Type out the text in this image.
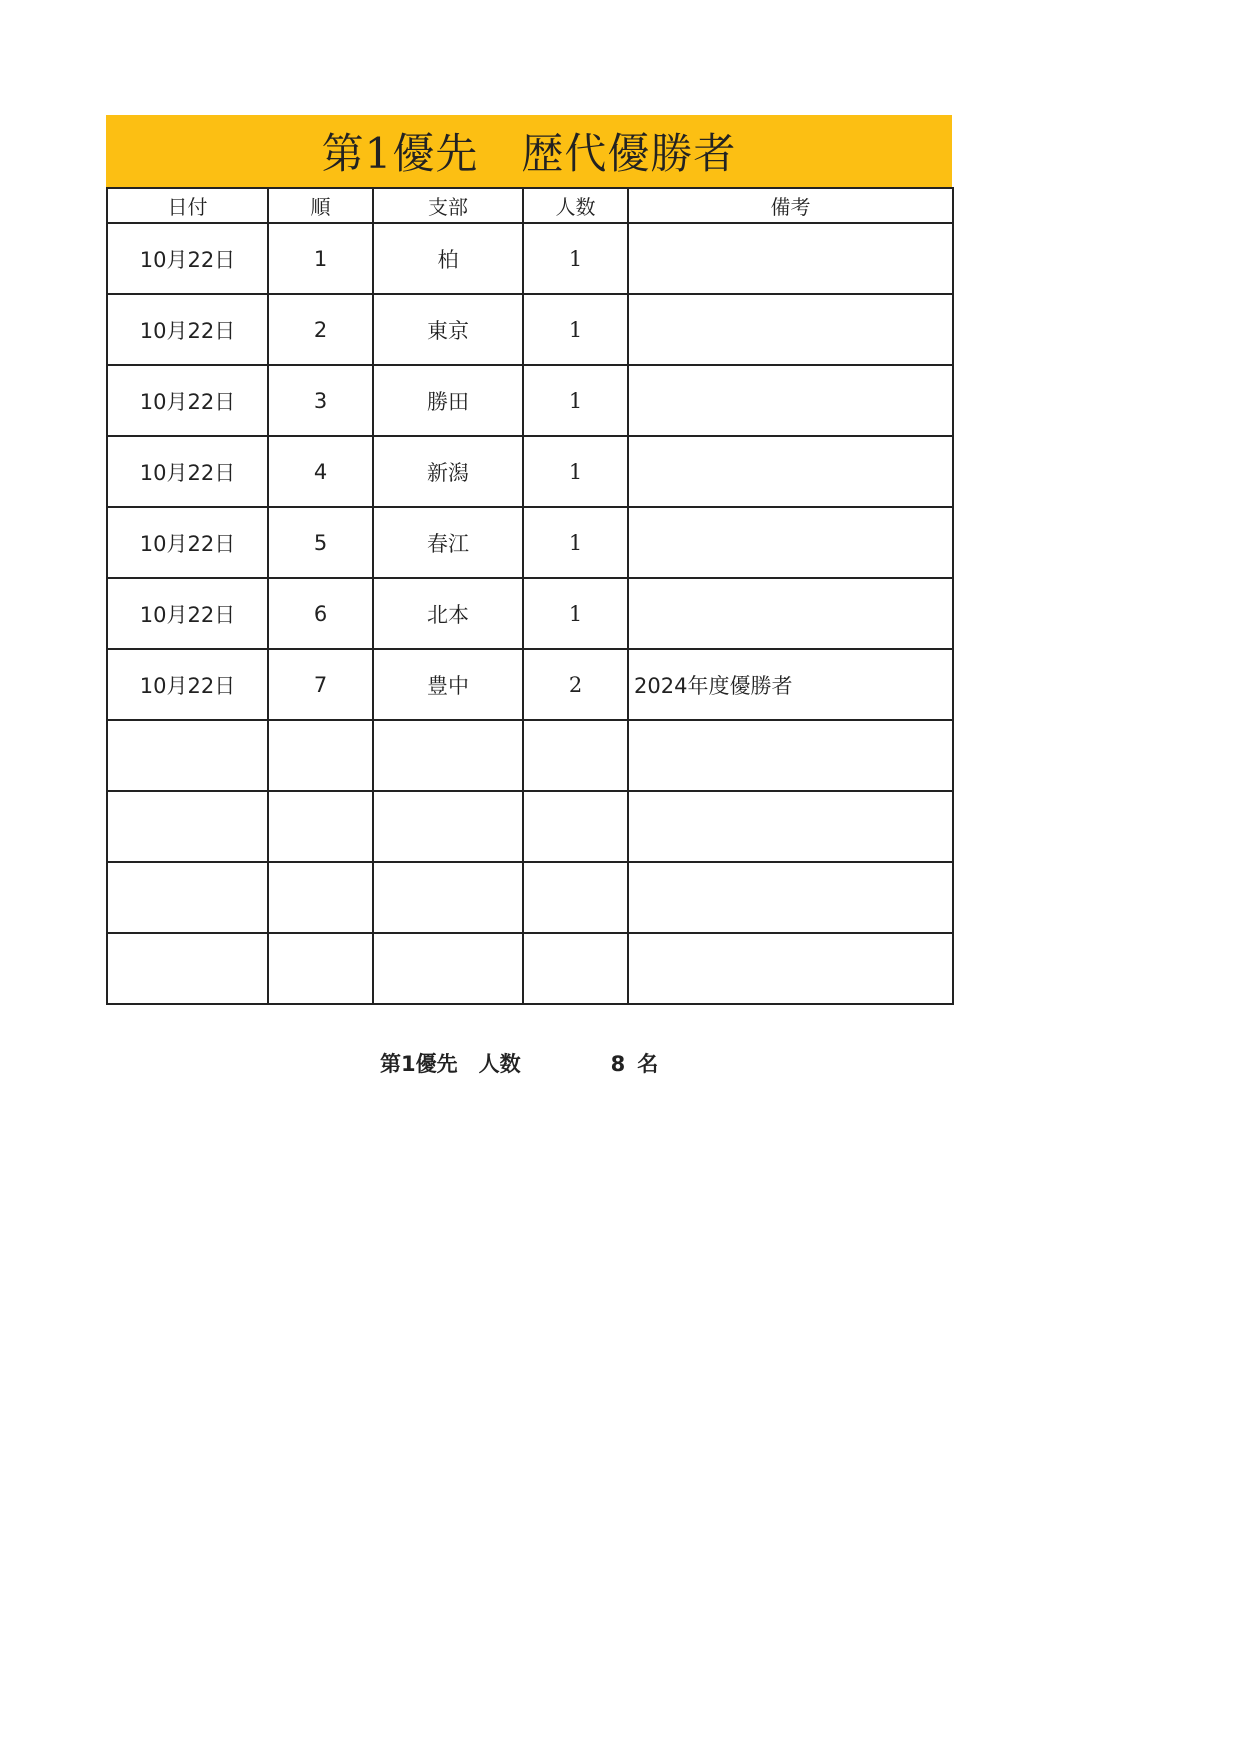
第1優先　歴代優勝者
日付	順	支部	人数	備考
10月22日	1	柏	1	
10月22日	2	東京	1	
10月22日	3	勝田	1	
10月22日	4	新潟	1	
10月22日	5	春江	1	
10月22日	6	北本	1	
10月22日	7	豊中	2	2024年度優勝者

第1優先　人数	8 名
